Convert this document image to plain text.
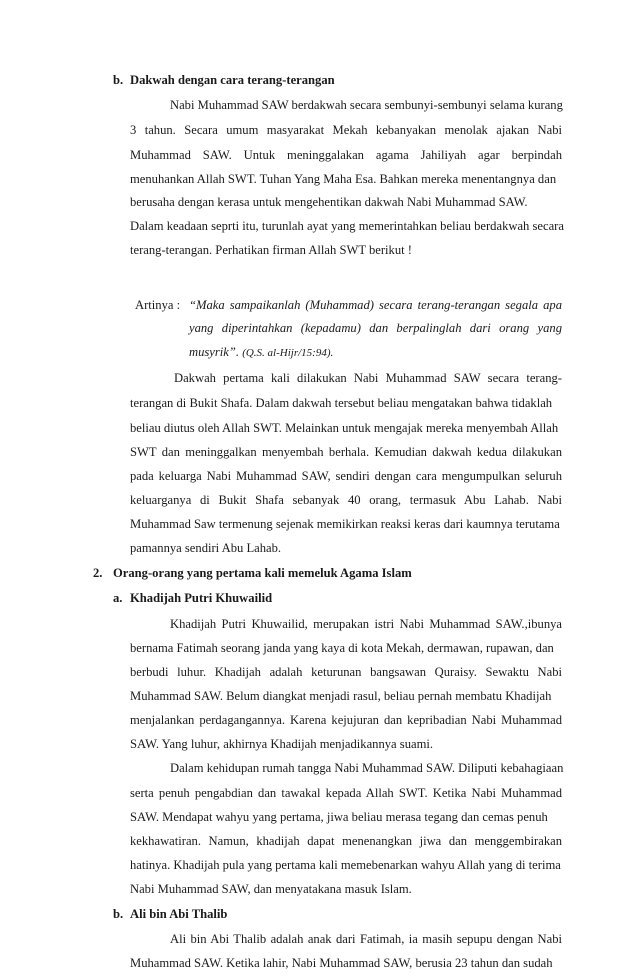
b. Dakwah dengan cara terang-terangan
Nabi Muhammad SAW berdakwah secara sembunyi-sembunyi selama kurang
3 tahun. Secara umum masyarakat Mekah kebanyakan menolak ajakan Nabi
Muhammad SAW. Untuk meninggalakan agama Jahiliyah agar berpindah
menuhankan Allah SWT. Tuhan Yang Maha Esa. Bahkan mereka menentangnya dan
berusaha dengan kerasa untuk mengehentikan dakwah Nabi Muhammad SAW.
Dalam keadaan seprti itu, turunlah ayat yang memerintahkan beliau berdakwah secara
terang-terangan. Perhatikan firman Allah SWT berikut !
Artinya : “Maka sampaikanlah (Muhammad) secara terang-terangan segala apa
yang diperintahkan (kepadamu) dan berpalinglah dari orang yang
musyrik”. (Q.S. al-Hijr/15:94).
Dakwah pertama kali dilakukan Nabi Muhammad SAW secara terang-
terangan di Bukit Shafa. Dalam dakwah tersebut beliau mengatakan bahwa tidaklah
beliau diutus oleh Allah SWT. Melainkan untuk mengajak mereka menyembah Allah
SWT dan meninggalkan menyembah berhala. Kemudian dakwah kedua dilakukan
pada keluarga Nabi Muhammad SAW, sendiri dengan cara mengumpulkan seluruh
keluarganya di Bukit Shafa sebanyak 40 orang, termasuk Abu Lahab. Nabi
Muhammad Saw termenung sejenak memikirkan reaksi keras dari kaumnya terutama
pamannya sendiri Abu Lahab.
2. Orang-orang yang pertama kali memeluk Agama Islam
a. Khadijah Putri Khuwailid
Khadijah Putri Khuwailid, merupakan istri Nabi Muhammad SAW.,ibunya
bernama Fatimah seorang janda yang kaya di kota Mekah, dermawan, rupawan, dan
berbudi luhur. Khadijah adalah keturunan bangsawan Quraisy. Sewaktu Nabi
Muhammad SAW. Belum diangkat menjadi rasul, beliau pernah membatu Khadijah
menjalankan perdagangannya. Karena kejujuran dan kepribadian Nabi Muhammad
SAW. Yang luhur, akhirnya Khadijah menjadikannya suami.
Dalam kehidupan rumah tangga Nabi Muhammad SAW. Diliputi kebahagiaan
serta penuh pengabdian dan tawakal kepada Allah SWT. Ketika Nabi Muhammad
SAW. Mendapat wahyu yang pertama, jiwa beliau merasa tegang dan cemas penuh
kekhawatiran. Namun, khadijah dapat menenangkan jiwa dan menggembirakan
hatinya. Khadijah pula yang pertama kali memebenarkan wahyu Allah yang di terima
Nabi Muhammad SAW, dan menyatakana masuk Islam.
b. Ali bin Abi Thalib
Ali bin Abi Thalib adalah anak dari Fatimah, ia masih sepupu dengan Nabi
Muhammad SAW. Ketika lahir, Nabi Muhammad SAW, berusia 23 tahun dan sudah
